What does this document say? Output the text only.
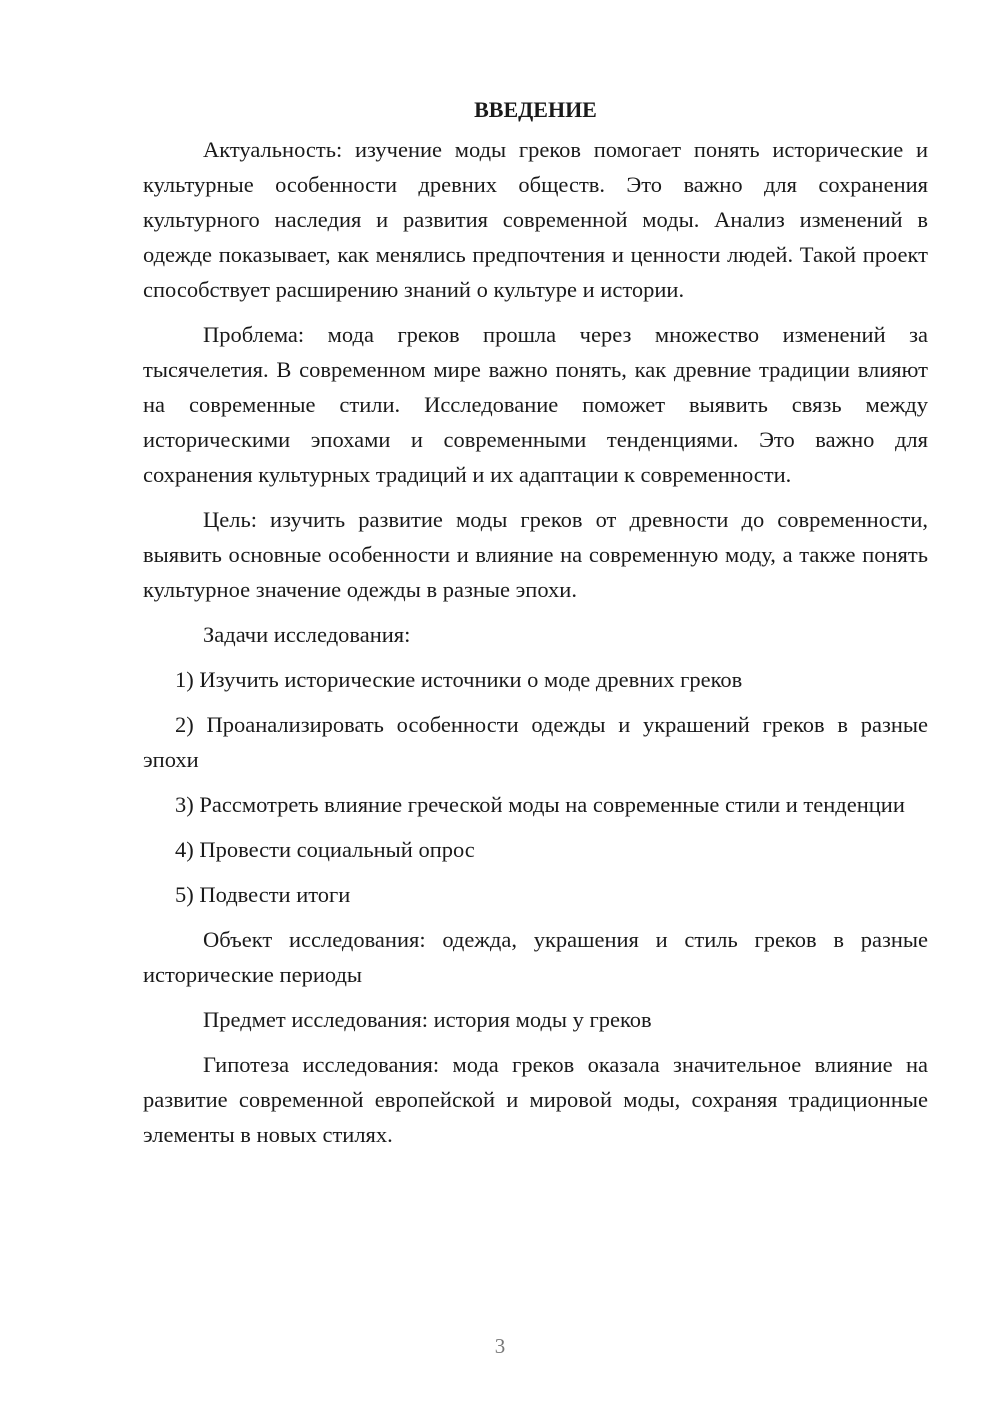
ВВЕДЕНИЕ

Актуальность: изучение моды греков помогает понять исторические и культурные особенности древних обществ. Это важно для сохранения культурного наследия и развития современной моды. Анализ изменений в одежде показывает, как менялись предпочтения и ценности людей. Такой проект способствует расширению знаний о культуре и истории.

Проблема: мода греков прошла через множество изменений за тысячелетия. В современном мире важно понять, как древние традиции влияют на современные стили. Исследование поможет выявить связь между историческими эпохами и современными тенденциями. Это важно для сохранения культурных традиций и их адаптации к современности.

Цель: изучить развитие моды греков от древности до современности, выявить основные особенности и влияние на современную моду, а также понять культурное значение одежды в разные эпохи.

Задачи исследования:

1) Изучить исторические источники о моде древних греков

2) Проанализировать особенности одежды и украшений греков в разные эпохи

3) Рассмотреть влияние греческой моды на современные стили и тенденции

4) Провести социальный опрос

5) Подвести итоги

Объект исследования: одежда, украшения и стиль греков в разные исторические периоды

Предмет исследования: история моды у греков

Гипотеза исследования: мода греков оказала значительное влияние на развитие современной европейской и мировой моды, сохраняя традиционные элементы в новых стилях.

3
